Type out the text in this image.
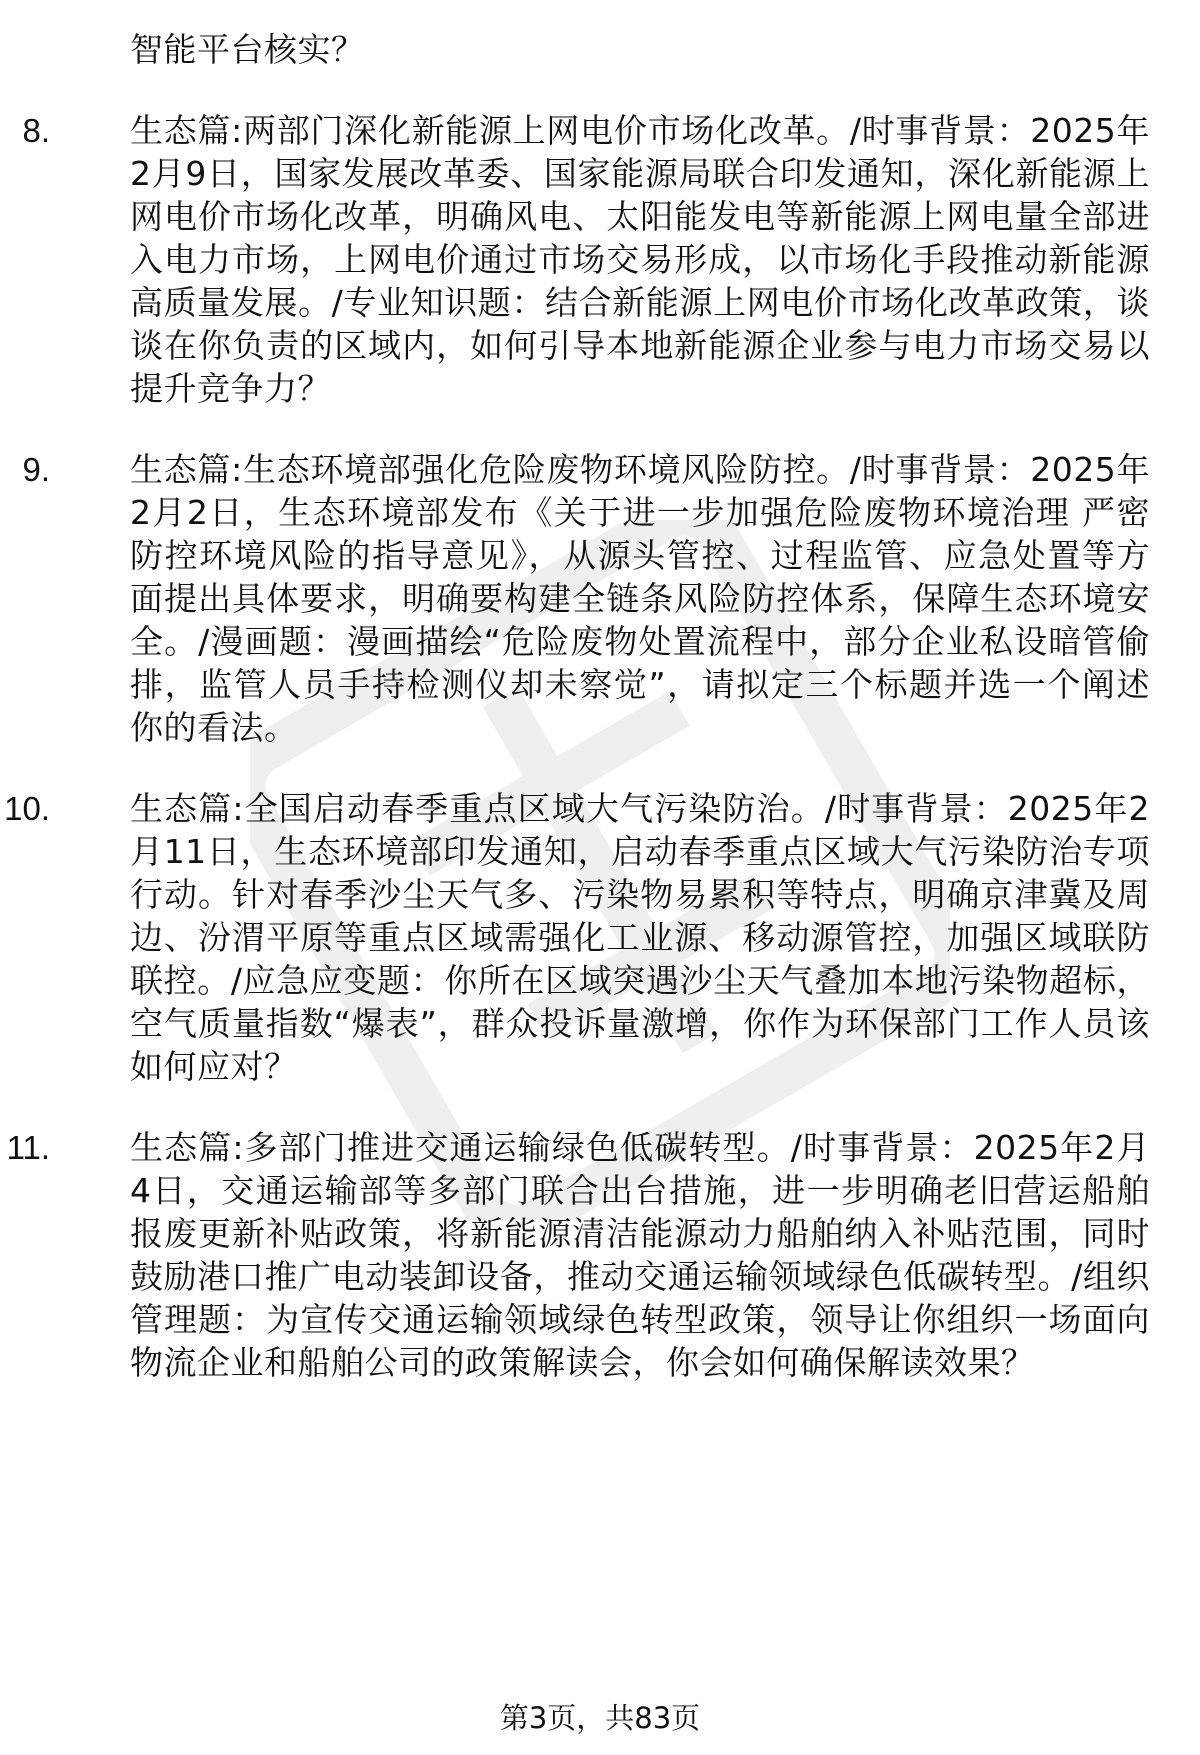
智能平台核实？
8. 生态篇:两部门深化新能源上网电价市场化改革。/时事背景：2025年2月9日，国家发展改革委、国家能源局联合印发通知，深化新能源上网电价市场化改革，明确风电、太阳能发电等新能源上网电量全部进入电力市场，上网电价通过市场交易形成，以市场化手段推动新能源高质量发展。/专业知识题：结合新能源上网电价市场化改革政策，谈谈在你负责的区域内，如何引导本地新能源企业参与电力市场交易以提升竞争力？
9. 生态篇:生态环境部强化危险废物环境风险防控。/时事背景：2025年2月2日，生态环境部发布《关于进一步加强危险废物环境治理 严密防控环境风险的指导意见》，从源头管控、过程监管、应急处置等方面提出具体要求，明确要构建全链条风险防控体系，保障生态环境安全。/漫画题：漫画描绘“危险废物处置流程中，部分企业私设暗管偷排，监管人员手持检测仪却未察觉”，请拟定三个标题并选一个阐述你的看法。
10. 生态篇:全国启动春季重点区域大气污染防治。/时事背景：2025年2月11日，生态环境部印发通知，启动春季重点区域大气污染防治专项行动。针对春季沙尘天气多、污染物易累积等特点，明确京津冀及周边、汾渭平原等重点区域需强化工业源、移动源管控，加强区域联防联控。/应急应变题：你所在区域突遇沙尘天气叠加本地污染物超标，空气质量指数“爆表”，群众投诉量激增，你作为环保部门工作人员该如何应对？
11. 生态篇:多部门推进交通运输绿色低碳转型。/时事背景：2025年2月4日，交通运输部等多部门联合出台措施，进一步明确老旧营运船舶报废更新补贴政策，将新能源清洁能源动力船舶纳入补贴范围，同时鼓励港口推广电动装卸设备，推动交通运输领域绿色低碳转型。/组织管理题：为宣传交通运输领域绿色转型政策，领导让你组织一场面向物流企业和船舶公司的政策解读会，你会如何确保解读效果？
第3页，共83页
